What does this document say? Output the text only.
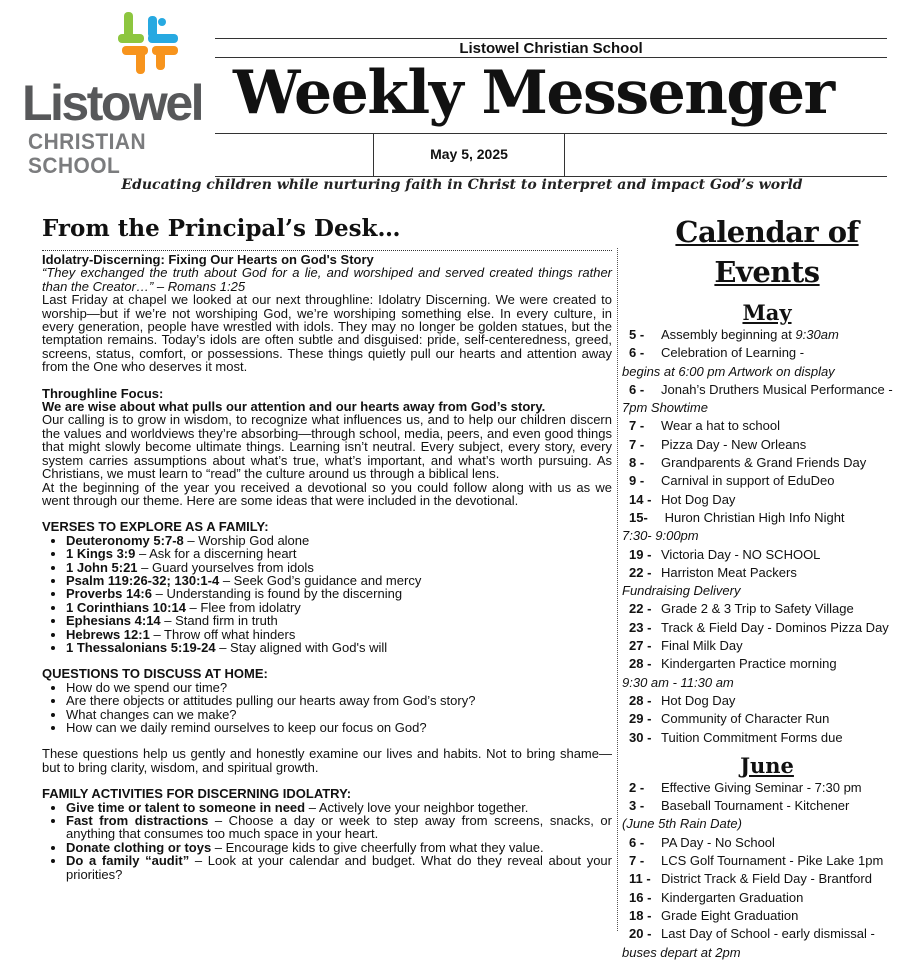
Listowel
CHRISTIAN SCHOOL
Listowel Christian School
Weekly Messenger
May 5, 2025
Educating children while nurturing faith in Christ to interpret and impact God’s world
From the Principal’s Desk…

Idolatry-Discerning: Fixing Our Hearts on God's Story

“They exchanged the truth about God for a lie, and worshiped and served created things rather than the Creator…” – Romans 1:25

Last Friday at chapel we looked at our next throughline: Idolatry Discerning. We were created to worship—but if we’re not worshiping God, we’re worshiping something else. In every culture, in every generation, people have wrestled with idols. They may no longer be golden statues, but the temptation remains. Today’s idols are often subtle and disguised: pride, self-centeredness, greed, screens, status, comfort, or possessions. These things quietly pull our hearts and attention away from the One who deserves it most.

Throughline Focus:

We are wise about what pulls our attention and our hearts away from God’s story.

Our calling is to grow in wisdom, to recognize what influences us, and to help our children discern the values and worldviews they’re absorbing—through school, media, peers, and even good things that might slowly become ultimate things. Learning isn’t neutral. Every subject, every story, every system carries assumptions about what’s true, what’s important, and what’s worth pursuing. As Christians, we must learn to “read” the culture around us through a biblical lens.

At the beginning of the year you received a devotional so you could follow along with us as we went through our theme. Here are some ideas that were included in the devotional.

VERSES TO EXPLORE AS A FAMILY:

• Deuteronomy 5:7-8 – Worship God alone
• 1 Kings 3:9 – Ask for a discerning heart
• 1 John 5:21 – Guard yourselves from idols
• Psalm 119:26-32; 130:1-4 – Seek God’s guidance and mercy
• Proverbs 14:6 – Understanding is found by the discerning
• 1 Corinthians 10:14 – Flee from idolatry
• Ephesians 4:14 – Stand firm in truth
• Hebrews 12:1 – Throw off what hinders
• 1 Thessalonians 5:19-24 – Stay aligned with God's will

QUESTIONS TO DISCUSS AT HOME:

• How do we spend our time?
• Are there objects or attitudes pulling our hearts away from God’s story?
• What changes can we make?
• How can we daily remind ourselves to keep our focus on God?

These questions help us gently and honestly examine our lives and habits. Not to bring shame—but to bring clarity, wisdom, and spiritual growth.

FAMILY ACTIVITIES FOR DISCERNING IDOLATRY:

• Give time or talent to someone in need – Actively love your neighbor together.
• Fast from distractions – Choose a day or week to step away from screens, snacks, or anything that consumes too much space in your heart.
• Donate clothing or toys – Encourage kids to give cheerfully from what they value.
• Do a family “audit” – Look at your calendar and budget. What do they reveal about your priorities?
Calendar of Events
May
5 - Assembly beginning at 9:30am
6 - Celebration of Learning -
begins at 6:00 pm Artwork on display
6 - Jonah’s Druthers Musical Performance -
7pm Showtime
7 - Wear a hat to school
7 - Pizza Day - New Orleans
8 - Grandparents & Grand Friends Day
9 - Carnival in support of EduDeo
14 - Hot Dog Day
15- Huron Christian High Info Night
7:30- 9:00pm
19 - Victoria Day - NO SCHOOL
22 - Harriston Meat Packers
Fundraising Delivery
22 - Grade 2 & 3 Trip to Safety Village
23 - Track & Field Day - Dominos Pizza Day
27 - Final Milk Day
28 - Kindergarten Practice morning
9:30 am - 11:30 am
28 - Hot Dog Day
29 - Community of Character Run
30 - Tuition Commitment Forms due
June
2 - Effective Giving Seminar - 7:30 pm
3 - Baseball Tournament - Kitchener
(June 5th Rain Date)
6 - PA Day - No School
7 - LCS Golf Tournament - Pike Lake 1pm
11 - District Track & Field Day - Brantford
16 - Kindergarten Graduation
18 - Grade Eight Graduation
20 - Last Day of School - early dismissal -
buses depart at 2pm
